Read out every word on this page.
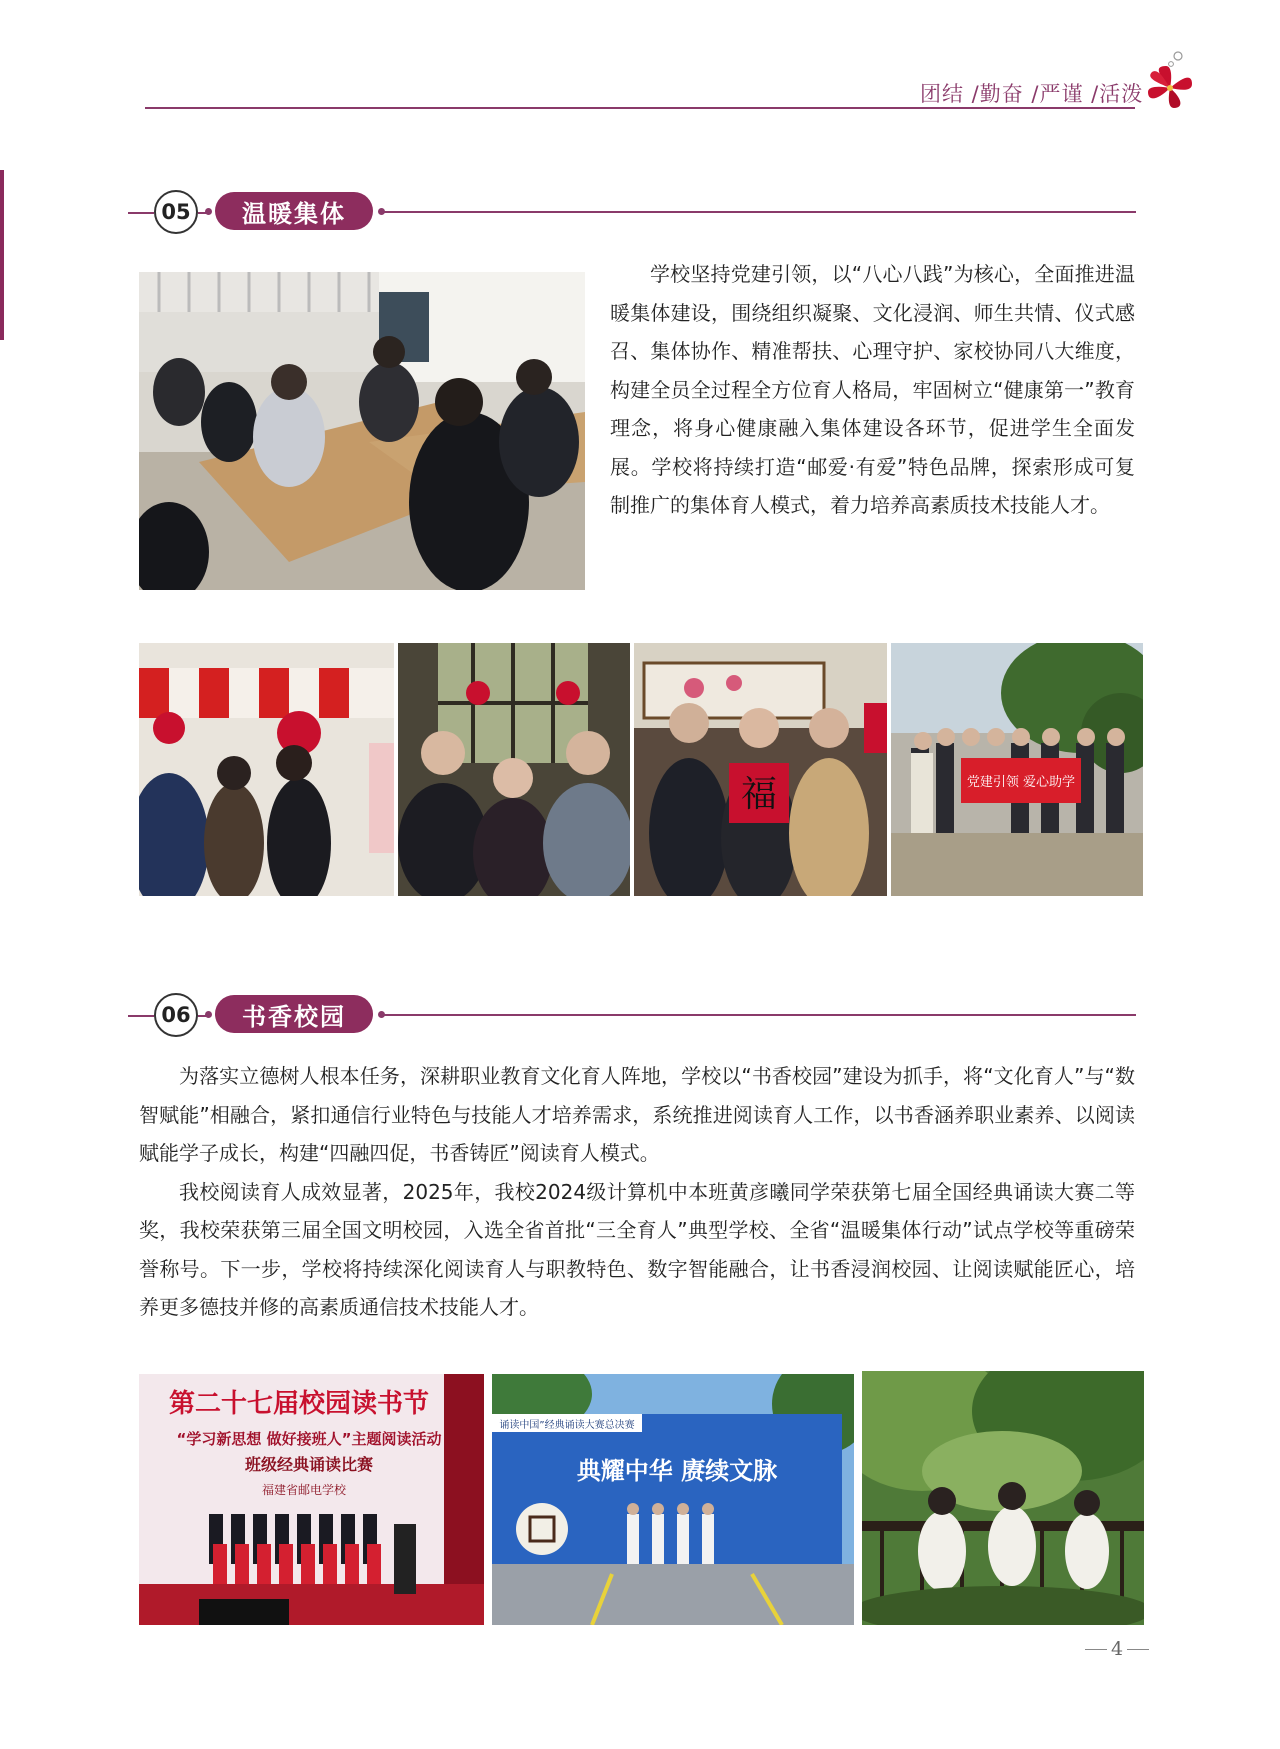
团结 /勤奋 /严谨 /活泼
05	温暖集体

学校坚持党建引领，以“八心八践”为核心，全面推进温暖集体建设，围绕组织凝聚、文化浸润、师生共情、仪式感召、集体协作、精准帮扶、心理守护、家校协同八大维度，构建全员全过程全方位育人格局，牢固树立“健康第一”教育理念，将身心健康融入集体建设各环节，促进学生全面发展。学校将持续打造“邮爱·有爱”特色品牌，探索形成可复制推广的集体育人模式，着力培养高素质技术技能人才。

福	党建引领 爱心助学
06	书香校园

为落实立德树人根本任务，深耕职业教育文化育人阵地，学校以“书香校园”建设为抓手，将“文化育人”与“数智赋能”相融合，紧扣通信行业特色与技能人才培养需求，系统推进阅读育人工作，以书香涵养职业素养、以阅读赋能学子成长，构建“四融四促，书香铸匠”阅读育人模式。

我校阅读育人成效显著，2025年，我校2024级计算机中本班黄彦曦同学荣获第七届全国经典诵读大赛二等奖，我校荣获第三届全国文明校园，入选全省首批“三全育人”典型学校、全省“温暖集体行动”试点学校等重磅荣誉称号。下一步，学校将持续深化阅读育人与职教特色、数字智能融合，让书香浸润校园、让阅读赋能匠心，培养更多德技并修的高素质通信技术技能人才。

第二十七届校园读书节
“学习新思想 做好接班人”主题阅读活动
班级经典诵读比赛
福建省邮电学校
诵读中国”经典诵读大赛总决赛
典耀中华 赓续文脉
4
